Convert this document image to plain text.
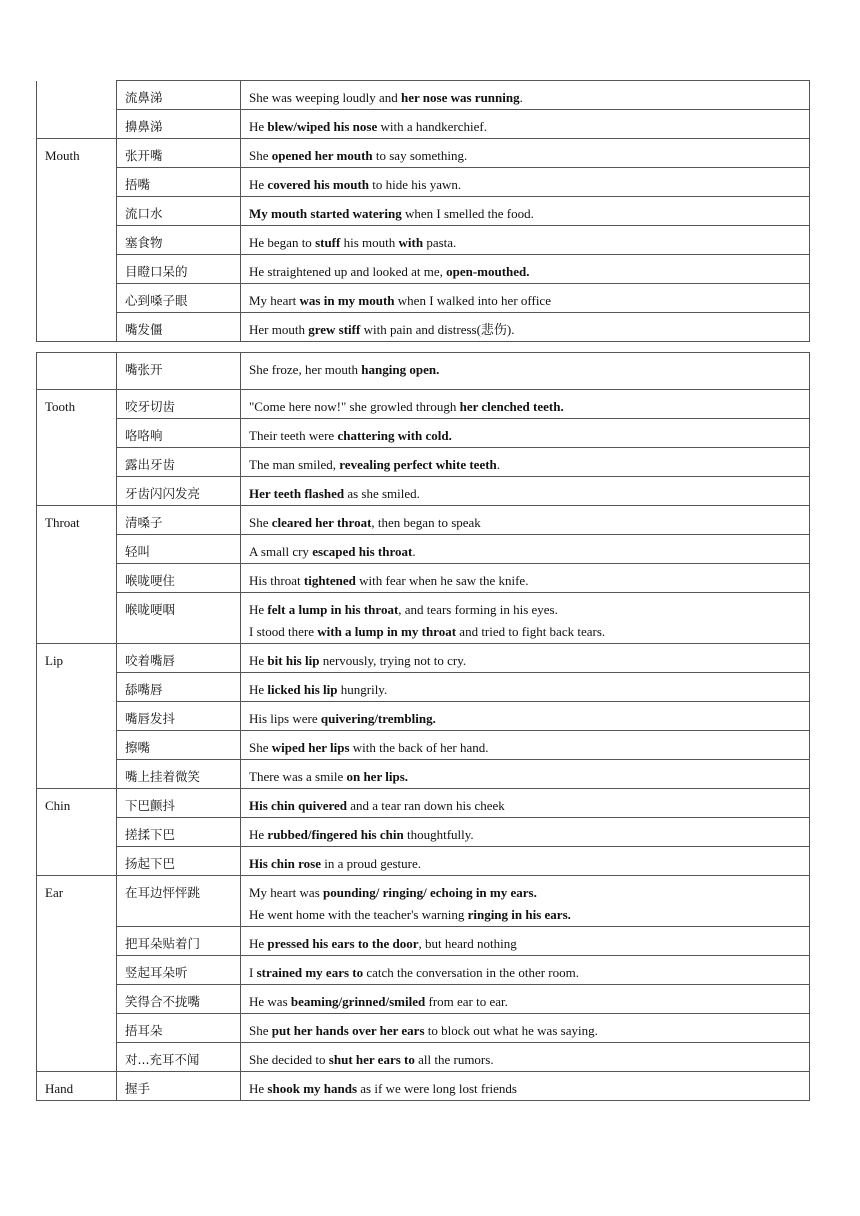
	流鼻涕	She was weeping loudly and her nose was running.

	擤鼻涕	He blew/wiped his nose with a handkerchief.

Mouth	张开嘴	She opened her mouth to say something.

	捂嘴	He covered his mouth to hide his yawn.

	流口水	My mouth started watering when I smelled the food.

	塞食物	He began to stuff his mouth with pasta.

	目瞪口呆的	He straightened up and looked at me, open-mouthed.

	心到嗓子眼	My heart was in my mouth when I walked into her office

	嘴发僵	Her mouth grew stiff with pain and distress(悲伤).
	嘴张开	She froze, her mouth hanging open.

Tooth	咬牙切齿	"Come here now!" she growled through her clenched teeth.

	咯咯响	Their teeth were chattering with cold.

	露出牙齿	The man smiled, revealing perfect white teeth.

	牙齿闪闪发亮	Her teeth flashed as she smiled.

Throat	清嗓子	She cleared her throat, then began to speak

	轻叫	A small cry escaped his throat.

	喉咙哽住	His throat tightened with fear when he saw the knife.

	喉咙哽咽	He felt a lump in his throat, and tears forming in his eyes.
I stood there with a lump in my throat and tried to fight back tears.

Lip	咬着嘴唇	He bit his lip nervously, trying not to cry.

	舔嘴唇	He licked his lip hungrily.

	嘴唇发抖	His lips were quivering/trembling.

	擦嘴	She wiped her lips with the back of her hand.

	嘴上挂着微笑	There was a smile on her lips.

Chin	下巴颤抖	His chin quivered and a tear ran down his cheek

	搓揉下巴	He rubbed/fingered his chin thoughtfully.

	扬起下巴	His chin rose in a proud gesture.

Ear	在耳边怦怦跳	My heart was pounding/ ringing/ echoing in my ears.
He went home with the teacher's warning ringing in his ears.

	把耳朵贴着门	He pressed his ears to the door, but heard nothing

	竖起耳朵听	I strained my ears to catch the conversation in the other room.

	笑得合不拢嘴	He was beaming/grinned/smiled from ear to ear.

	捂耳朵	She put her hands over her ears to block out what he was saying.

	对...充耳不闻	She decided to shut her ears to all the rumors.

Hand	握手	He shook my hands as if we were long lost friends
